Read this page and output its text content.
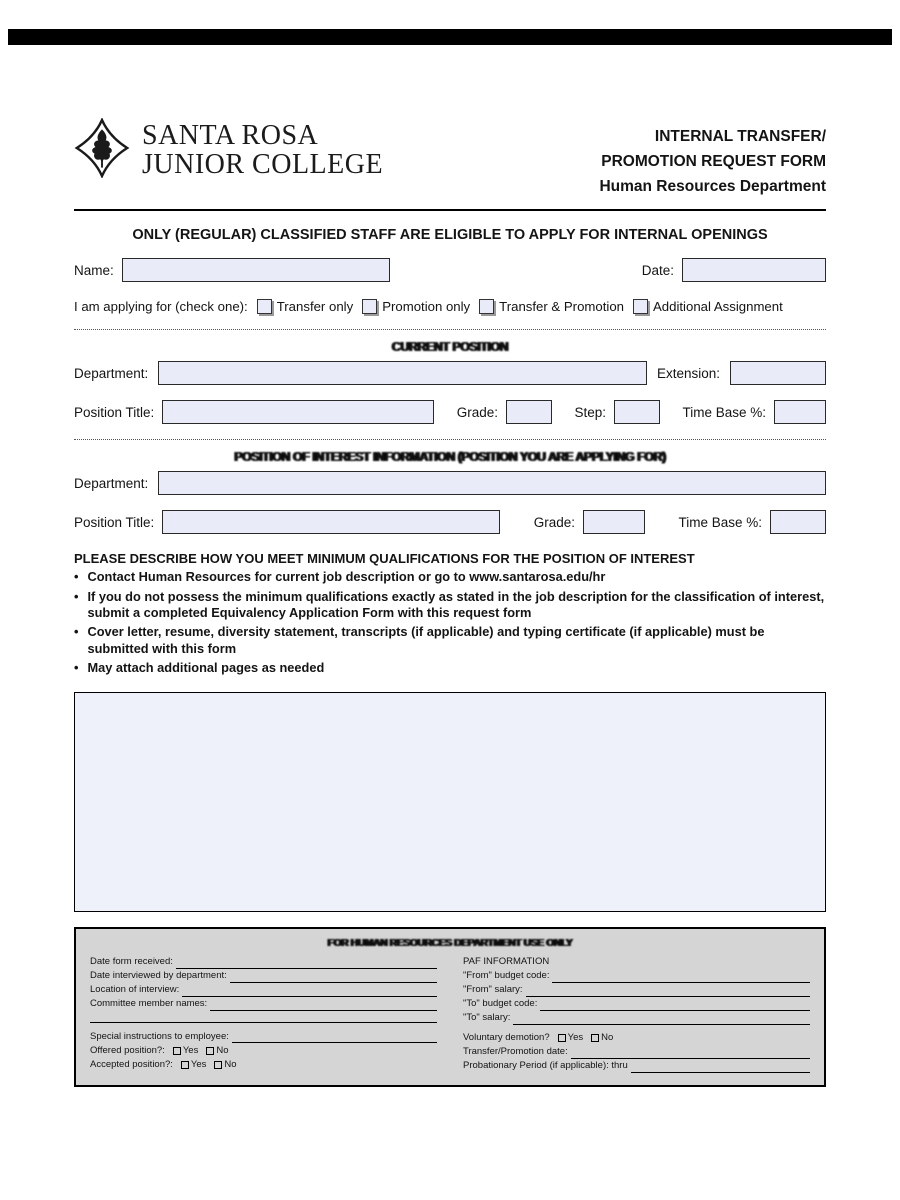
SANTA ROSA
JUNIOR COLLEGE
INTERNAL TRANSFER/
PROMOTION REQUEST FORM
Human Resources Department
ONLY (REGULAR) CLASSIFIED STAFF ARE ELIGIBLE TO APPLY FOR INTERNAL OPENINGS
Name:	Date:
I am applying for (check one): Transfer only Promotion only Transfer & Promotion Additional Assignment
CURRENT POSITION
Department:	Extension:
Position Title:	Grade:	Step:	Time Base %:
POSITION OF INTEREST INFORMATION (POSITION YOU ARE APPLYING FOR)
Department:
Position Title:	Grade:	Time Base %:
PLEASE DESCRIBE HOW YOU MEET MINIMUM QUALIFICATIONS FOR THE POSITION OF INTEREST
• Contact Human Resources for current job description or go to www.santarosa.edu/hr
• If you do not possess the minimum qualifications exactly as stated in the job description for the classification of interest, submit a completed Equivalency Application Form with this request form
• Cover letter, resume, diversity statement, transcripts (if applicable) and typing certificate (if applicable) must be submitted with this form
• May attach additional pages as needed
FOR HUMAN RESOURCES DEPARTMENT USE ONLY
Date form received:
Date interviewed by department:
Location of interview:
Committee member names:
Special instructions to employee:
Offered position?: Yes No
Accepted position?: Yes No
PAF INFORMATION
"From" budget code:
"From" salary:
"To" budget code:
"To" salary:
Voluntary demotion? Yes No
Transfer/Promotion date:
Probationary Period (if applicable): thru
